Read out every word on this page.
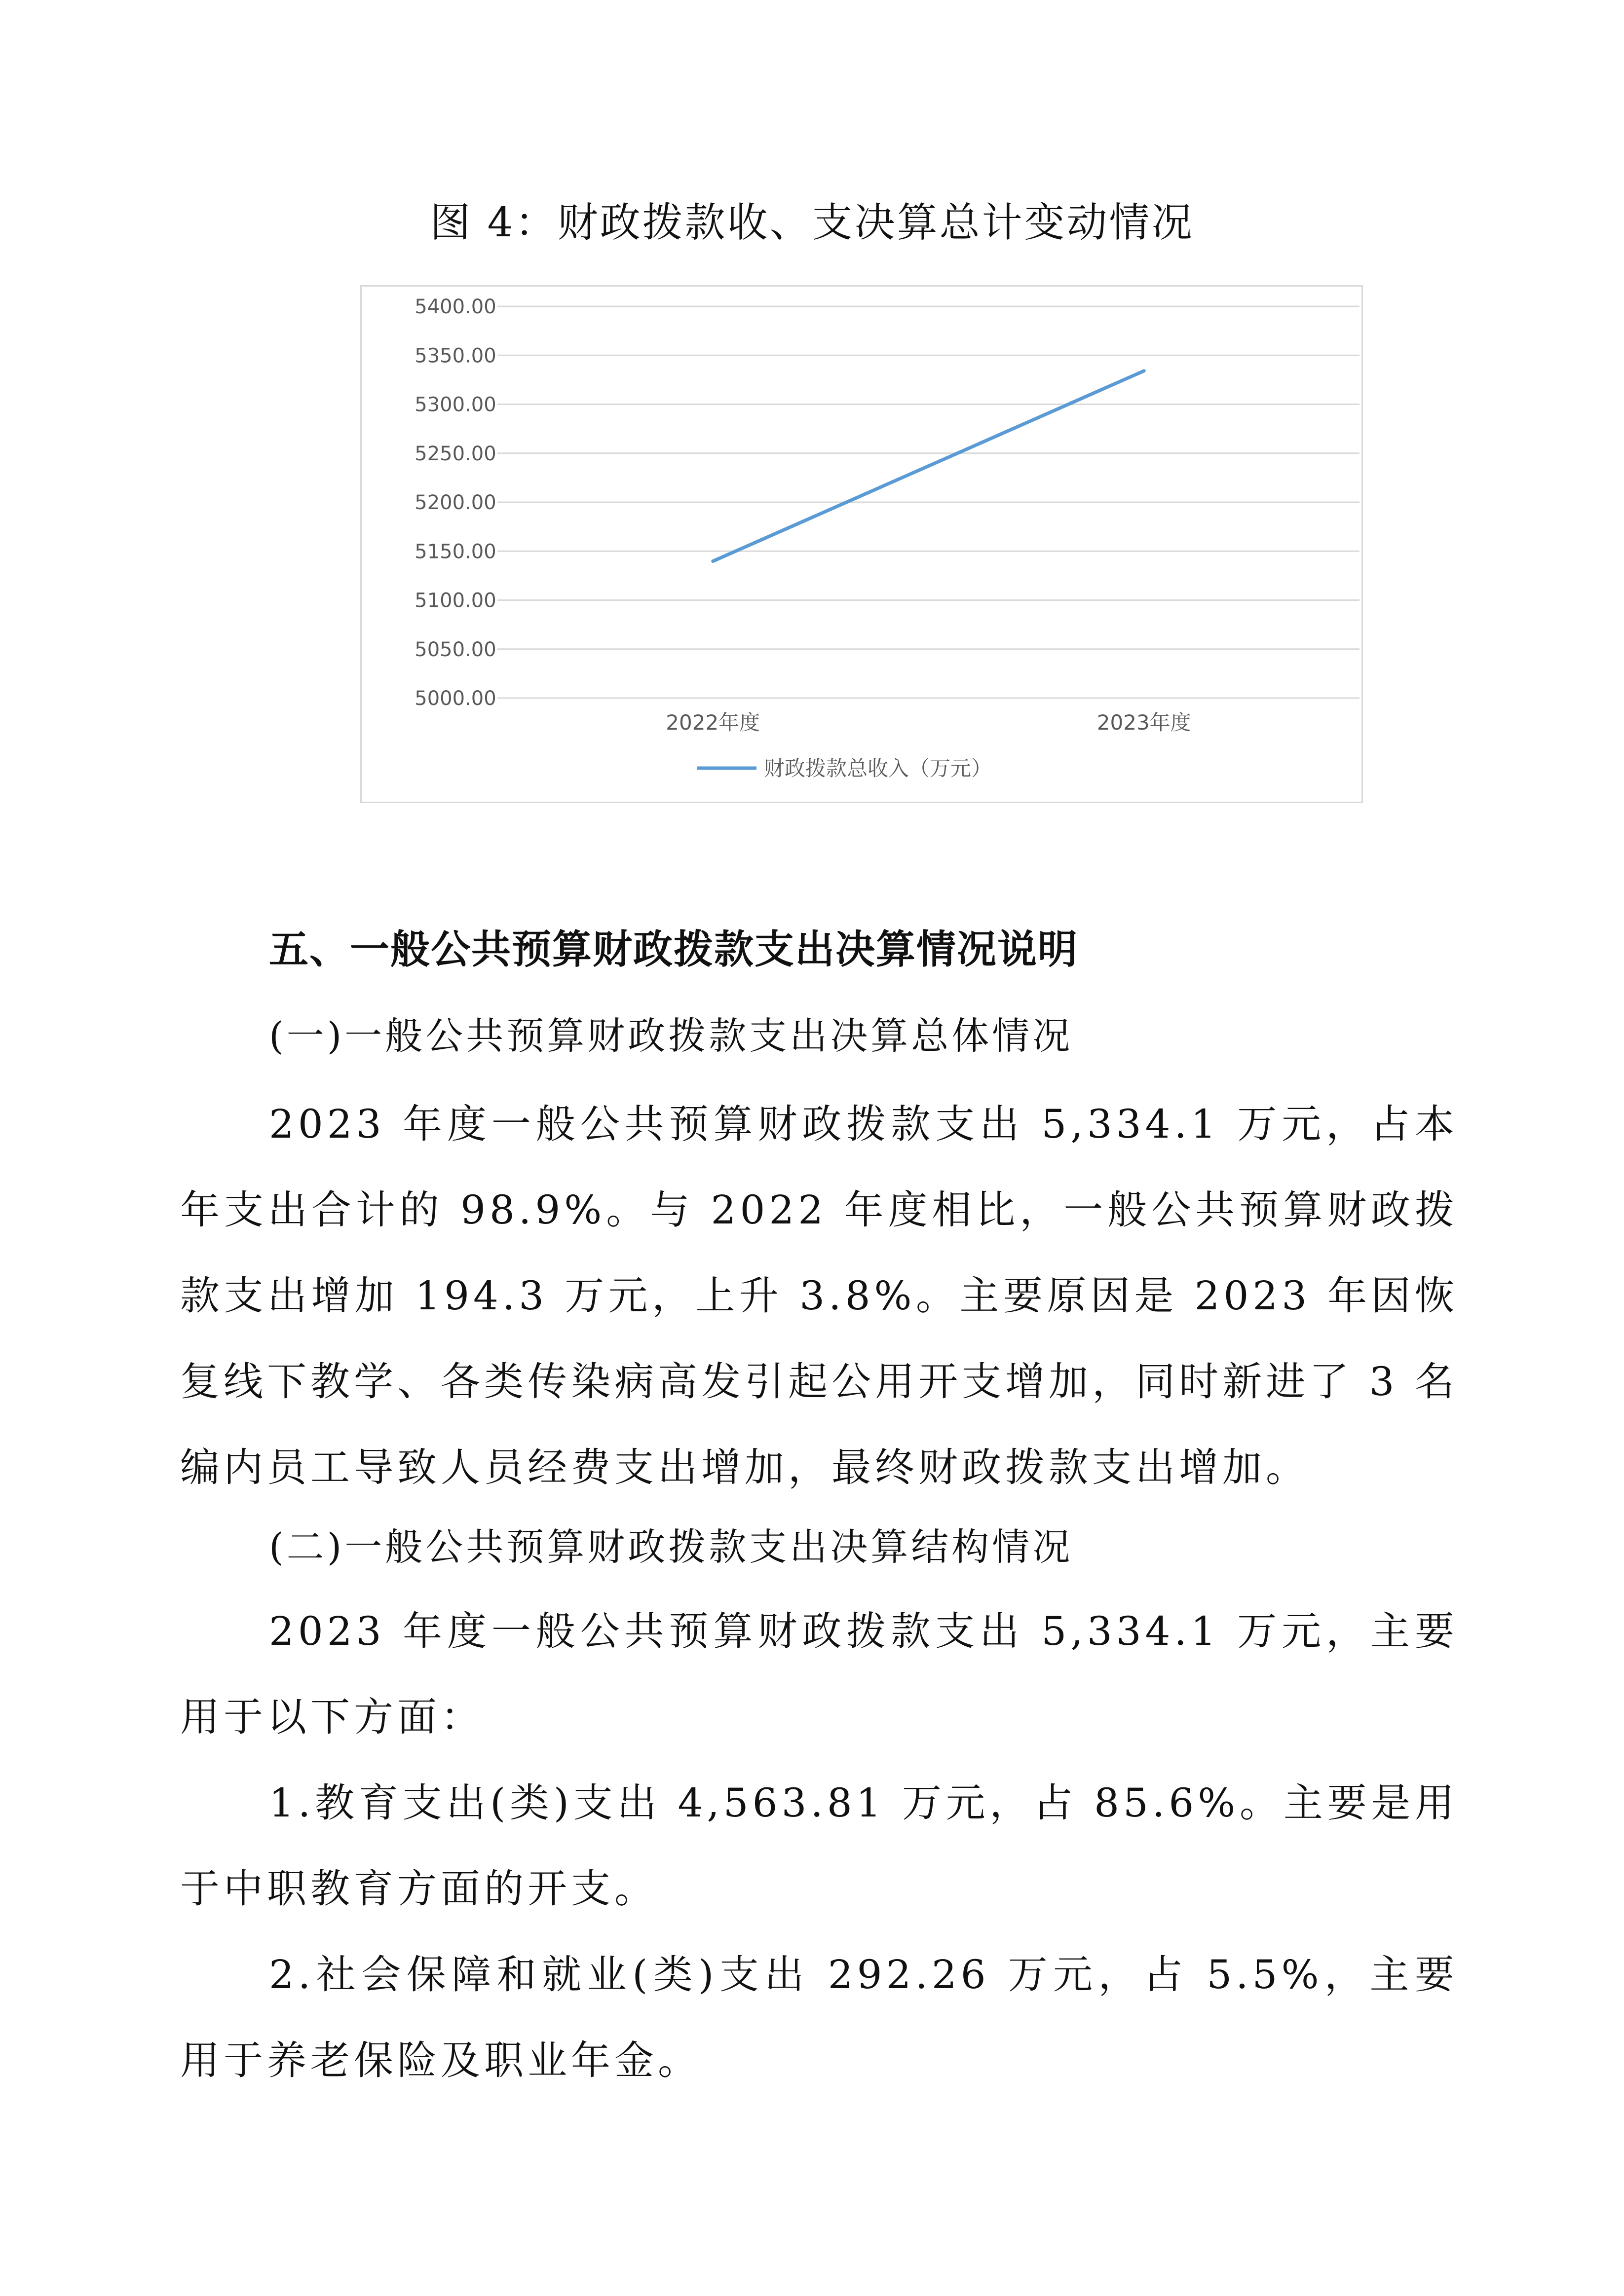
图 4：财政拨款收、支决算总计变动情况
5000.00
5050.00
5100.00
5150.00
5200.00
5250.00
5300.00
5350.00
5400.00
2022年度	2023年度
财政拨款总收入（万元）
五、一般公共预算财政拨款支出决算情况说明
(一)一般公共预算财政拨款支出决算总体情况

2023 年度一般公共预算财政拨款支出 5,334.1 万元，占本年支出合计的 98.9%。与 2022 年度相比，一般公共预算财政拨款支出增加 194.3 万元，上升 3.8%。主要原因是 2023 年因恢复线下教学、各类传染病高发引起公用开支增加，同时新进了 3 名编内员工导致人员经费支出增加，最终财政拨款支出增加。

(二)一般公共预算财政拨款支出决算结构情况

2023 年度一般公共预算财政拨款支出 5,334.1 万元，主要用于以下方面：

1.教育支出(类)支出 4,563.81 万元，占 85.6%。主要是用于中职教育方面的开支。

2.社会保障和就业(类)支出 292.26 万元，占 5.5%，主要用于养老保险及职业年金。
